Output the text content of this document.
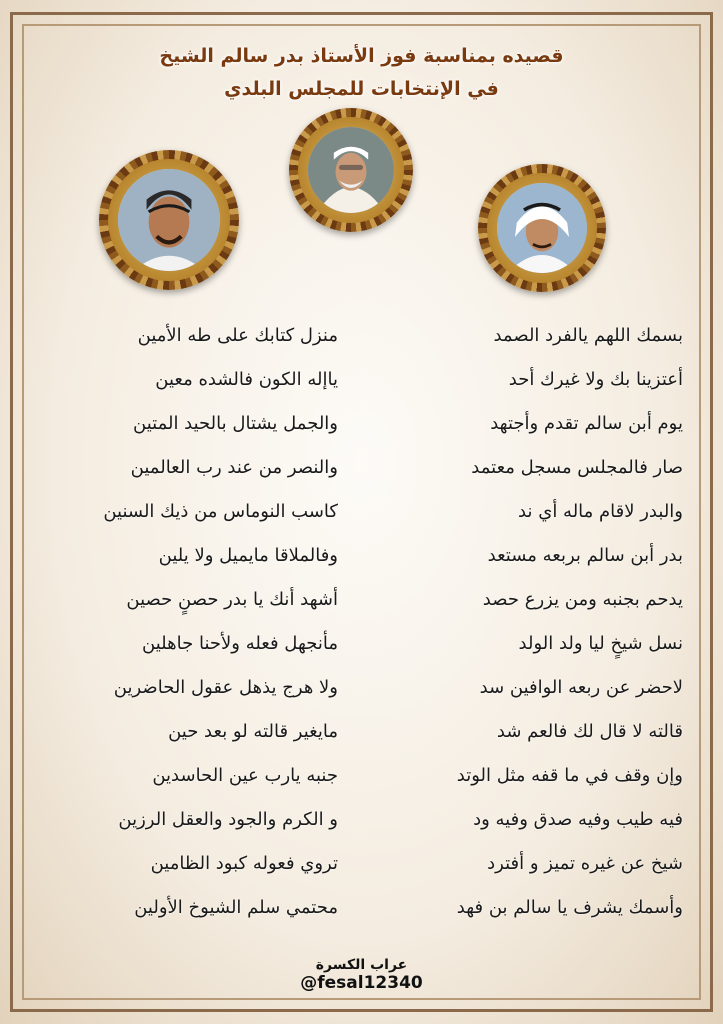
قصيده بمناسبة فوز الأستاذ بدر سالم الشيخ
في الإنتخابات للمجلس البلدي
بسمك اللهم يالفرد الصمد
منزل كتابك على طه الأمين
أعتزينا بك ولا غيرك أحد
ياإله الكون فالشده معين
يوم أبن سالم تقدم وأجتهد
والجمل يشتال بالحيد المتين
صار فالمجلس مسجل معتمد
والنصر من عند رب العالمين
والبدر لاقام ماله أي ند
كاسب النوماس من ذيك السنين
بدر أبن سالم بربعه مستعد
وفالملاقا مايميل ولا يلين
يدحم بجنبه ومن يزرع حصد
أشهد أنك يا بدر حصنٍ حصين
نسل شيخٍ ليا ولد الولد
مأنجهل فعله ولأحنا جاهلين
لاحضر عن ربعه الوافين سد
ولا هرج يذهل عقول الحاضرين
قالته لا قال لك فالعم شد
مايغير قالته لو بعد حين
وإن وقف في ما قفه مثل الوتد
جنبه يارب عين الحاسدين
فيه طيب وفيه صدق وفيه ود
و الكرم والجود والعقل الرزين
شيخ عن غيره تميز و أفترد
تروي فعوله كبود الظامين
وأسمك يشرف يا سالم بن فهد
محتمي سلم الشيوخ الأولين
عراب الكسرة
@fesal12340
